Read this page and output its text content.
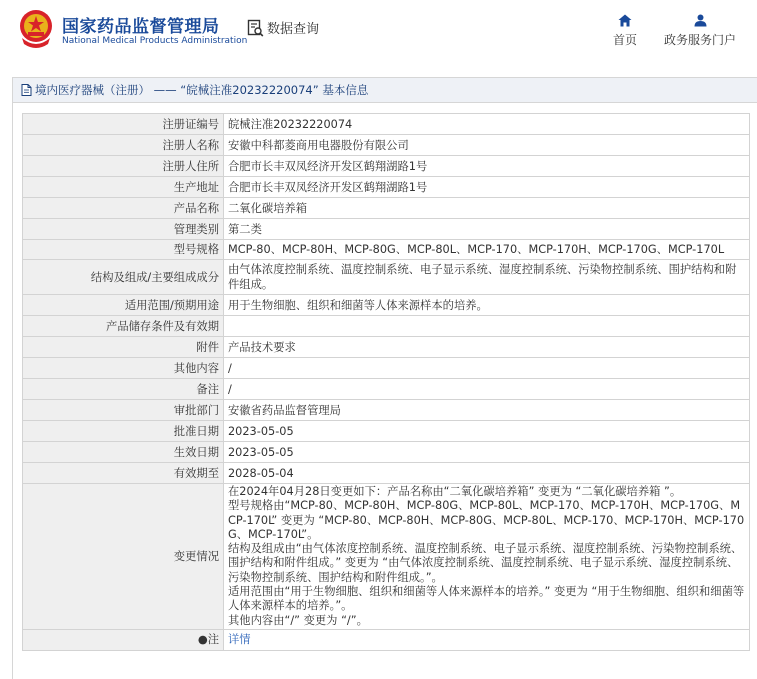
国家药品监督管理局
National Medical Products Administration
数据查询
首页	政务服务门户
境内医疗器械（注册） —— “皖械注准20232220074” 基本信息
注册证编号	皖械注准20232220074
注册人名称	安徽中科都菱商用电器股份有限公司
注册人住所	合肥市长丰双凤经济开发区鹤翔湖路1号
生产地址	合肥市长丰双凤经济开发区鹤翔湖路1号
产品名称	二氧化碳培养箱
管理类别	第二类
型号规格	MCP-80、MCP-80H、MCP-80G、MCP-80L、MCP-170、MCP-170H、MCP-170G、MCP-170L
结构及组成/主要组成成分	由气体浓度控制系统、温度控制系统、电子显示系统、湿度控制系统、污染物控制系统、围护结构和附件组成。
适用范围/预期用途	用于生物细胞、组织和细菌等人体来源样本的培养。
产品储存条件及有效期	
附件	产品技术要求
其他内容	/
备注	/
审批部门	安徽省药品监督管理局
批准日期	2023-05-05
生效日期	2023-05-05
有效期至	2028-05-04
变更情况	在2024年04月28日变更如下：产品名称由“二氧化碳培养箱” 变更为 “二氧化碳培养箱 ”。
型号规格由“MCP-80、MCP-80H、MCP-80G、MCP-80L、MCP-170、MCP-170H、MCP-170G、MCP-170L” 变更为 “MCP-80、MCP-80H、MCP-80G、MCP-80L、MCP-170、MCP-170H、MCP-170G、MCP-170L”。
结构及组成由“由气体浓度控制系统、温度控制系统、电子显示系统、湿度控制系统、污染物控制系统、围护结构和附件组成。” 变更为 “由气体浓度控制系统、温度控制系统、电子显示系统、湿度控制系统、污染物控制系统、围护结构和附件组成。”。
适用范围由“用于生物细胞、组织和细菌等人体来源样本的培养。” 变更为 “用于生物细胞、组织和细菌等人体来源样本的培养。”。
其他内容由“/” 变更为 “/”。

●注	详情
